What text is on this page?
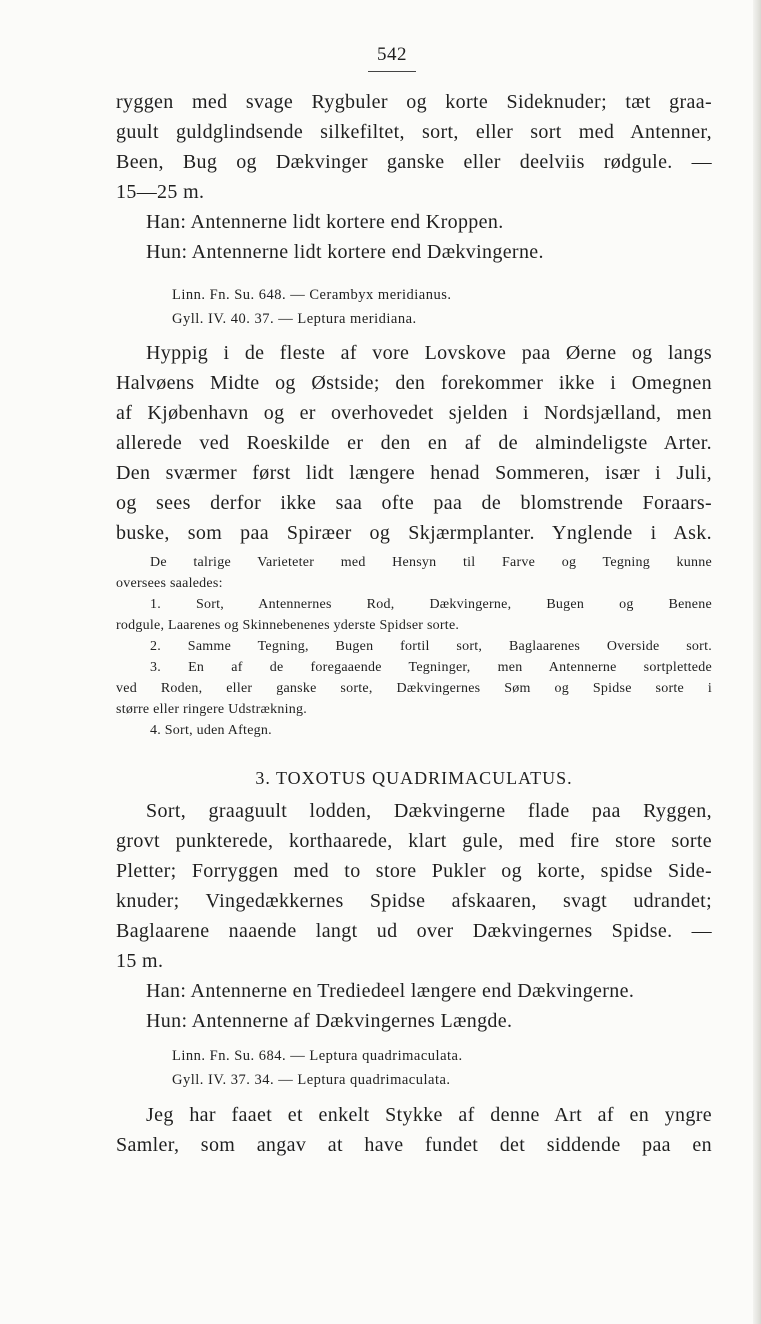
542
ryggen med svage Rygbuler og korte Sideknuder; tæt graa-
guult guldglindsende silkefiltet, sort, eller sort med Antenner,
Been, Bug og Dækvinger ganske eller deelviis rødgule. —
15—25 m.
Han: Antennerne lidt kortere end Kroppen.
Hun: Antennerne lidt kortere end Dækvingerne.
Linn. Fn. Su. 648. — Cerambyx meridianus.
Gyll. IV. 40. 37. — Leptura meridiana.
Hyppig i de fleste af vore Lovskove paa Øerne og langs
Halvøens Midte og Østside; den forekommer ikke i Omegnen
af Kjøbenhavn og er overhovedet sjelden i Nordsjælland, men
allerede ved Roeskilde er den en af de almindeligste Arter.
Den sværmer først lidt længere henad Sommeren, især i Juli,
og sees derfor ikke saa ofte paa de blomstrende Foraars-
buske, som paa Spiræer og Skjærmplanter. Ynglende i Ask.
De talrige Varieteter med Hensyn til Farve og Tegning kunne
oversees saaledes:
1. Sort, Antennernes Rod, Dækvingerne, Bugen og Benene
rodgule, Laarenes og Skinnebenenes yderste Spidser sorte.
2. Samme Tegning, Bugen fortil sort, Baglaarenes Overside sort.
3. En af de foregaaende Tegninger, men Antennerne sortplettede
ved Roden, eller ganske sorte, Dækvingernes Søm og Spidse sorte i
større eller ringere Udstrækning.
4. Sort, uden Aftegn.
3. TOXOTUS QUADRIMACULATUS.
Sort, graaguult lodden, Dækvingerne flade paa Ryggen,
grovt punkterede, korthaarede, klart gule, med fire store sorte
Pletter; Forryggen med to store Pukler og korte, spidse Side-
knuder; Vingedækkernes Spidse afskaaren, svagt udrandet;
Baglaarene naaende langt ud over Dækvingernes Spidse. —
15 m.
Han: Antennerne en Trediedeel længere end Dækvingerne.
Hun: Antennerne af Dækvingernes Længde.
Linn. Fn. Su. 684. — Leptura quadrimaculata.
Gyll. IV. 37. 34. — Leptura quadrimaculata.
Jeg har faaet et enkelt Stykke af denne Art af en yngre
Samler, som angav at have fundet det siddende paa en
